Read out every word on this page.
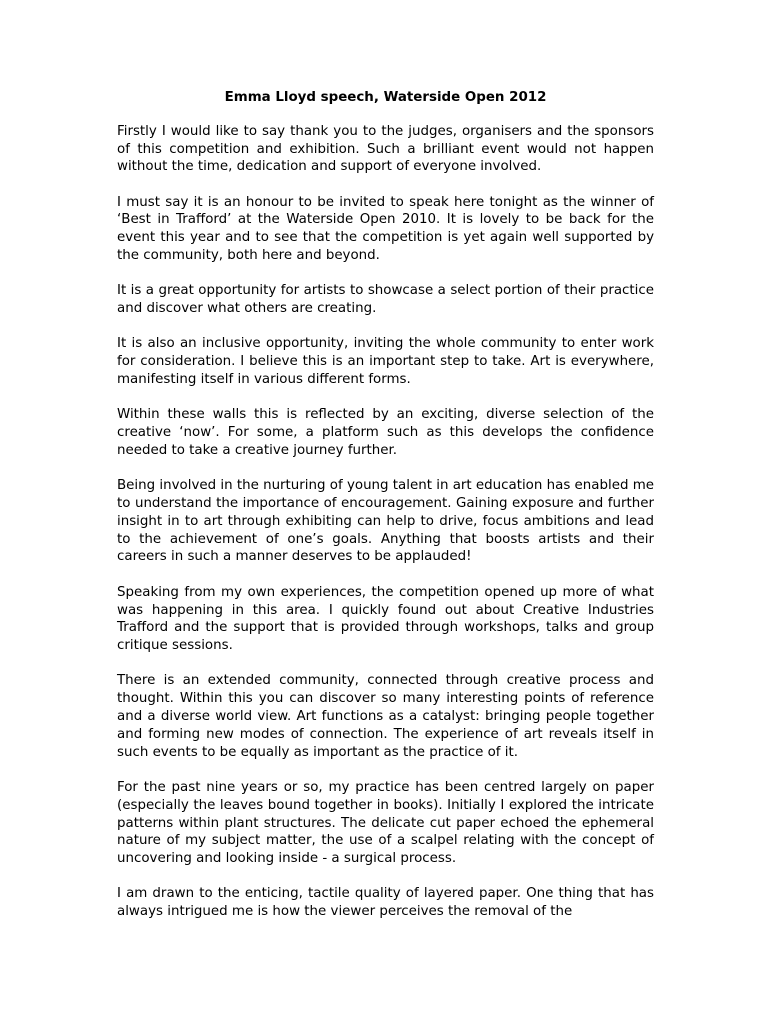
Emma Lloyd speech, Waterside Open 2012

Firstly I would like to say thank you to the judges, organisers and the sponsors of this competition and exhibition. Such a brilliant event would not happen without the time, dedication and support of everyone involved.

I must say it is an honour to be invited to speak here tonight as the winner of ‘Best in Trafford’ at the Waterside Open 2010. It is lovely to be back for the event this year and to see that the competition is yet again well supported by the community, both here and beyond.

It is a great opportunity for artists to showcase a select portion of their practice and discover what others are creating.

It is also an inclusive opportunity, inviting the whole community to enter work for consideration. I believe this is an important step to take. Art is everywhere, manifesting itself in various different forms.

Within these walls this is reflected by an exciting, diverse selection of the creative ‘now’. For some, a platform such as this develops the confidence needed to take a creative journey further.

Being involved in the nurturing of young talent in art education has enabled me to understand the importance of encouragement. Gaining exposure and further insight in to art through exhibiting can help to drive, focus ambitions and lead to the achievement of one’s goals. Anything that boosts artists and their careers in such a manner deserves to be applauded!

Speaking from my own experiences, the competition opened up more of what was happening in this area. I quickly found out about Creative Industries Trafford and the support that is provided through workshops, talks and group critique sessions.

There is an extended community, connected through creative process and thought. Within this you can discover so many interesting points of reference and a diverse world view. Art functions as a catalyst: bringing people together and forming new modes of connection. The experience of art reveals itself in such events to be equally as important as the practice of it.

For the past nine years or so, my practice has been centred largely on paper (especially the leaves bound together in books). Initially I explored the intricate patterns within plant structures. The delicate cut paper echoed the ephemeral nature of my subject matter, the use of a scalpel relating with the concept of uncovering and looking inside - a surgical process.

I am drawn to the enticing, tactile quality of layered paper. One thing that has always intrigued me is how the viewer perceives the removal of the
